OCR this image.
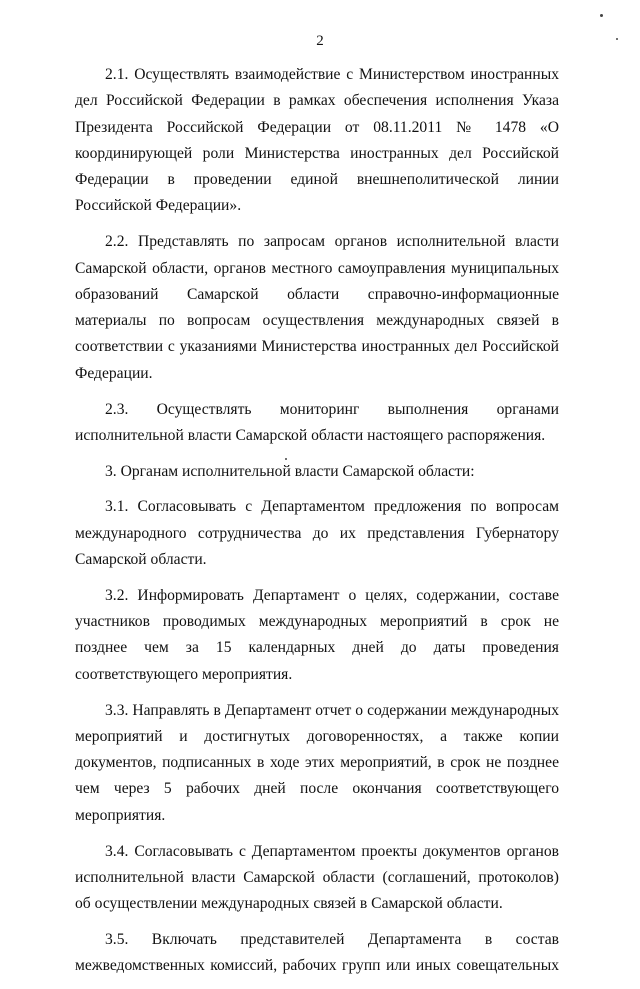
2

2.1. Осуществлять взаимодействие с Министерством иностранных дел Российской Федерации в рамках обеспечения исполнения Указа Президента Российской Федерации от 08.11.2011 № 1478 «О координирующей роли Министерства иностранных дел Российской Федерации в проведении единой внешнеполитической линии Российской Федерации».

2.2. Представлять по запросам органов исполнительной власти Самарской области, органов местного самоуправления муниципальных образований Самарской области справочно-информационные материалы по вопросам осуществления международных связей в соответствии с указаниями Министерства иностранных дел Российской Федерации.

2.3. Осуществлять мониторинг выполнения органами исполнительной власти Самарской области настоящего распоряжения.

3. Органам исполнительной власти Самарской области:

3.1. Согласовывать с Департаментом предложения по вопросам международного сотрудничества до их представления Губернатору Самарской области.

3.2. Информировать Департамент о целях, содержании, составе участников проводимых международных мероприятий в срок не позднее чем за 15 календарных дней до даты проведения соответствующего мероприятия.

3.3. Направлять в Департамент отчет о содержании международных мероприятий и достигнутых договоренностях, а также копии документов, подписанных в ходе этих мероприятий, в срок не позднее чем через 5 рабочих дней после окончания соответствующего мероприятия.

3.4. Согласовывать с Департаментом проекты документов органов исполнительной власти Самарской области (соглашений, протоколов) об осуществлении международных связей в Самарской области.

3.5. Включать представителей Департамента в состав межведомственных комиссий, рабочих групп или иных совещательных
